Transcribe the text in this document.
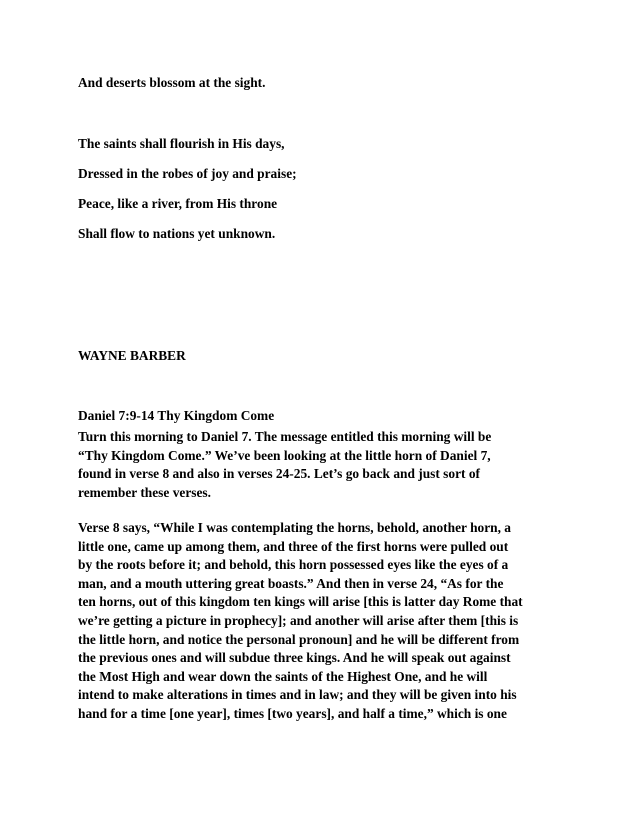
And deserts blossom at the sight.
The saints shall flourish in His days,
Dressed in the robes of joy and praise;
Peace, like a river, from His throne
Shall flow to nations yet unknown.
WAYNE BARBER
Daniel 7:9-14 Thy Kingdom Come
Turn this morning to Daniel 7. The message entitled this morning will be
“Thy Kingdom Come.” We’ve been looking at the little horn of Daniel 7,
found in verse 8 and also in verses 24-25. Let’s go back and just sort of
remember these verses.
Verse 8 says, “While I was contemplating the horns, behold, another horn, a
little one, came up among them, and three of the first horns were pulled out
by the roots before it; and behold, this horn possessed eyes like the eyes of a
man, and a mouth uttering great boasts.” And then in verse 24, “As for the
ten horns, out of this kingdom ten kings will arise [this is latter day Rome that
we’re getting a picture in prophecy]; and another will arise after them [this is
the little horn, and notice the personal pronoun] and he will be different from
the previous ones and will subdue three kings. And he will speak out against
the Most High and wear down the saints of the Highest One, and he will
intend to make alterations in times and in law; and they will be given into his
hand for a time [one year], times [two years], and half a time,” which is one
